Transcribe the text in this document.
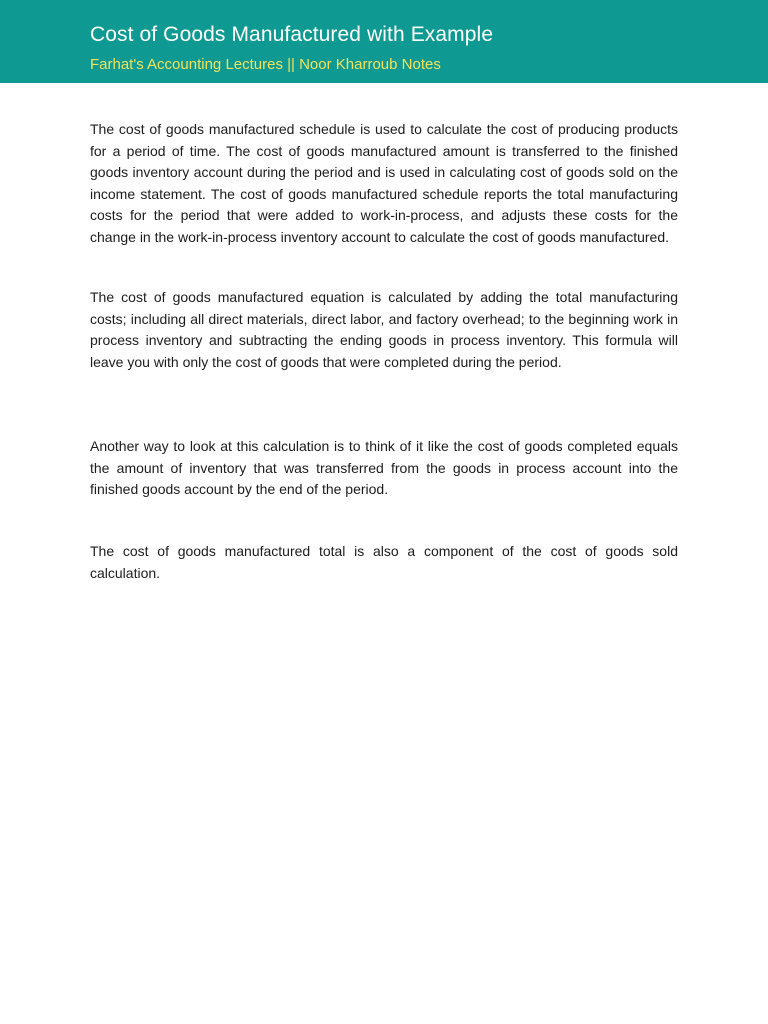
Cost of Goods Manufactured with Example
Farhat's Accounting Lectures || Noor Kharroub Notes

The cost of goods manufactured schedule is used to calculate the cost of producing products for a period of time. The cost of goods manufactured amount is transferred to the finished goods inventory account during the period and is used in calculating cost of goods sold on the income statement. The cost of goods manufactured schedule reports the total manufacturing costs for the period that were added to work-in-process, and adjusts these costs for the change in the work-in-process inventory account to calculate the cost of goods manufactured.

The cost of goods manufactured equation is calculated by adding the total manufacturing costs; including all direct materials, direct labor, and factory overhead; to the beginning work in process inventory and subtracting the ending goods in process inventory. This formula will leave you with only the cost of goods that were completed during the period.

Another way to look at this calculation is to think of it like the cost of goods completed equals the amount of inventory that was transferred from the goods in process account into the finished goods account by the end of the period.

The cost of goods manufactured total is also a component of the cost of goods sold calculation.
